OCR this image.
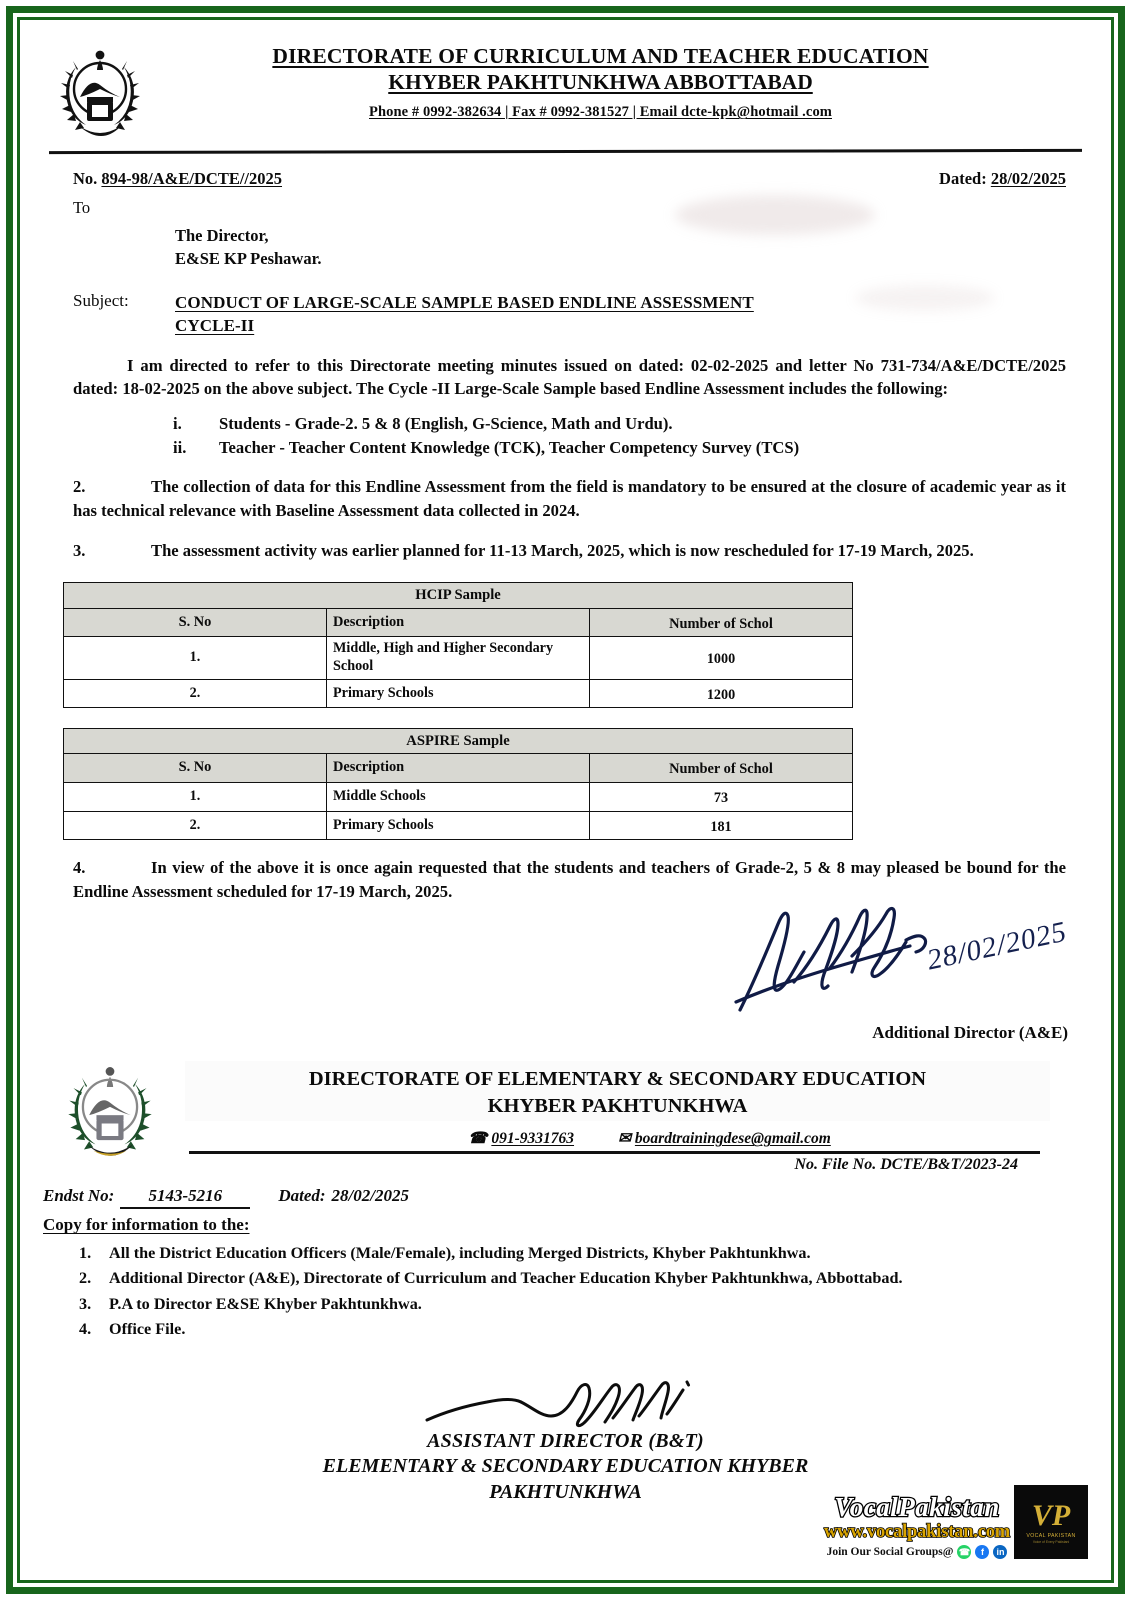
DIRECTORATE OF CURRICULUM AND TEACHER EDUCATION
KHYBER PAKHTUNKHWA ABBOTTABAD
Phone # 0992-382634 | Fax # 0992-381527 | Email dcte-kpk@hotmail .com
No. 894-98/A&E/DCTE//2025	Dated: 28/02/2025
To
The Director,
E&SE KP Peshawar.
Subject:	CONDUCT OF LARGE-SCALE SAMPLE BASED ENDLINE ASSESSMENT
CYCLE-II

I am directed to refer to this Directorate meeting minutes issued on dated: 02-02-2025 and letter No 731-734/A&E/DCTE/2025 dated: 18-02-2025 on the above subject. The Cycle -II Large-Scale Sample based Endline Assessment includes the following:

i.	Students - Grade-2. 5 & 8 (English, G-Science, Math and Urdu).
ii.	Teacher - Teacher Content Knowledge (TCK), Teacher Competency Survey (TCS)

2.	The collection of data for this Endline Assessment from the field is mandatory to be ensured at the closure of academic year as it has technical relevance with Baseline Assessment data collected in 2024.

3.	The assessment activity was earlier planned for 11-13 March, 2025, which is now rescheduled for 17-19 March, 2025.

HCIP Sample		
S. No	Description	Number of Schol
1.	Middle, High and Higher Secondary School	1000
2.	Primary Schools	1200
ASPIRE Sample		
S. No	Description	Number of Schol
1.	Middle Schools	73
2.	Primary Schools	181

4.	In view of the above it is once again requested that the students and teachers of Grade-2, 5 & 8 may pleased be bound for the Endline Assessment scheduled for 17-19 March, 2025.

28/02/2025
Additional Director (A&E)
DIRECTORATE OF ELEMENTARY & SECONDARY EDUCATION
KHYBER PAKHTUNKHWA
☎ 091-9331763	✉ boardtrainingdese@gmail.com
No. File No. DCTE/B&T/2023-24
Endst No:	5143-5216	Dated: 28/02/2025
Copy for information to the:
1.	All the District Education Officers (Male/Female), including Merged Districts, Khyber Pakhtunkhwa.
2.	Additional Director (A&E), Directorate of Curriculum and Teacher Education Khyber Pakhtunkhwa, Abbottabad.
3.	P.A to Director E&SE Khyber Pakhtunkhwa.
4.	Office File.
ASSISTANT DIRECTOR (B&T)
ELEMENTARY & SECONDARY EDUCATION KHYBER
PAKHTUNKHWA	VocalPakistan
www.vocalpakistan.com
Join Our Social Groups@ ☎	f	in
VP
VOCAL PAKISTAN
Voice of Every Pakistani
